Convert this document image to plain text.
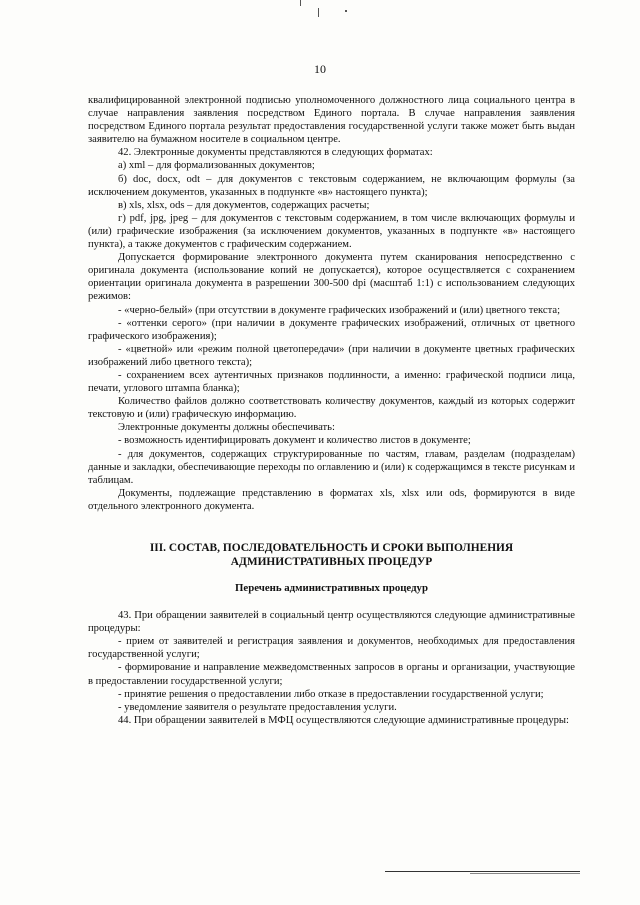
10

квалифицированной электронной подписью уполномоченного должностного лица социального центра в случае направления заявления посредством Единого портала. В случае направления заявления посредством Единого портала результат предоставления государственной услуги также может быть выдан заявителю на бумажном носителе в социальном центре.

42. Электронные документы представляются в следующих форматах:

а) xml – для формализованных документов;

б) doc, docx, odt – для документов с текстовым содержанием, не включающим формулы (за исключением документов, указанных в подпункте «в» настоящего пункта);

в) xls, xlsx, ods – для документов, содержащих расчеты;

г) pdf, jpg, jpeg – для документов с текстовым содержанием, в том числе включающих формулы и (или) графические изображения (за исключением документов, указанных в подпункте «в» настоящего пункта), а также документов с графическим содержанием.

Допускается формирование электронного документа путем сканирования непосредственно с оригинала документа (использование копий не допускается), которое осуществляется с сохранением ориентации оригинала документа в разрешении 300-500 dpi (масштаб 1:1) с использованием следующих режимов:

- «черно-белый» (при отсутствии в документе графических изображений и (или) цветного текста;

- «оттенки серого» (при наличии в документе графических изображений, отличных от цветного графического изображения);

- «цветной» или «режим полной цветопередачи» (при наличии в документе цветных графических изображений либо цветного текста);

- сохранением всех аутентичных признаков подлинности, а именно: графической подписи лица, печати, углового штампа бланка);

Количество файлов должно соответствовать количеству документов, каждый из которых содержит текстовую и (или) графическую информацию.

Электронные документы должны обеспечивать:

- возможность идентифицировать документ и количество листов в документе;

- для документов, содержащих структурированные по частям, главам, разделам (подразделам) данные и закладки, обеспечивающие переходы по оглавлению и (или) к содержащимся в тексте рисункам и таблицам.

Документы, подлежащие представлению в форматах xls, xlsx или ods, формируются в виде отдельного электронного документа.

III. СОСТАВ, ПОСЛЕДОВАТЕЛЬНОСТЬ И СРОКИ ВЫПОЛНЕНИЯ
АДМИНИСТРАТИВНЫХ ПРОЦЕДУР

Перечень административных процедур

43. При обращении заявителей в социальный центр осуществляются следующие административные процедуры:

- прием от заявителей и регистрация заявления и документов, необходимых для предоставления государственной услуги;

- формирование и направление межведомственных запросов в органы и организации, участвующие в предоставлении государственной услуги;

- принятие решения о предоставлении либо отказе в предоставлении государственной услуги;

- уведомление заявителя о результате предоставления услуги.

44. При обращении заявителей в МФЦ осуществляются следующие административные процедуры:
